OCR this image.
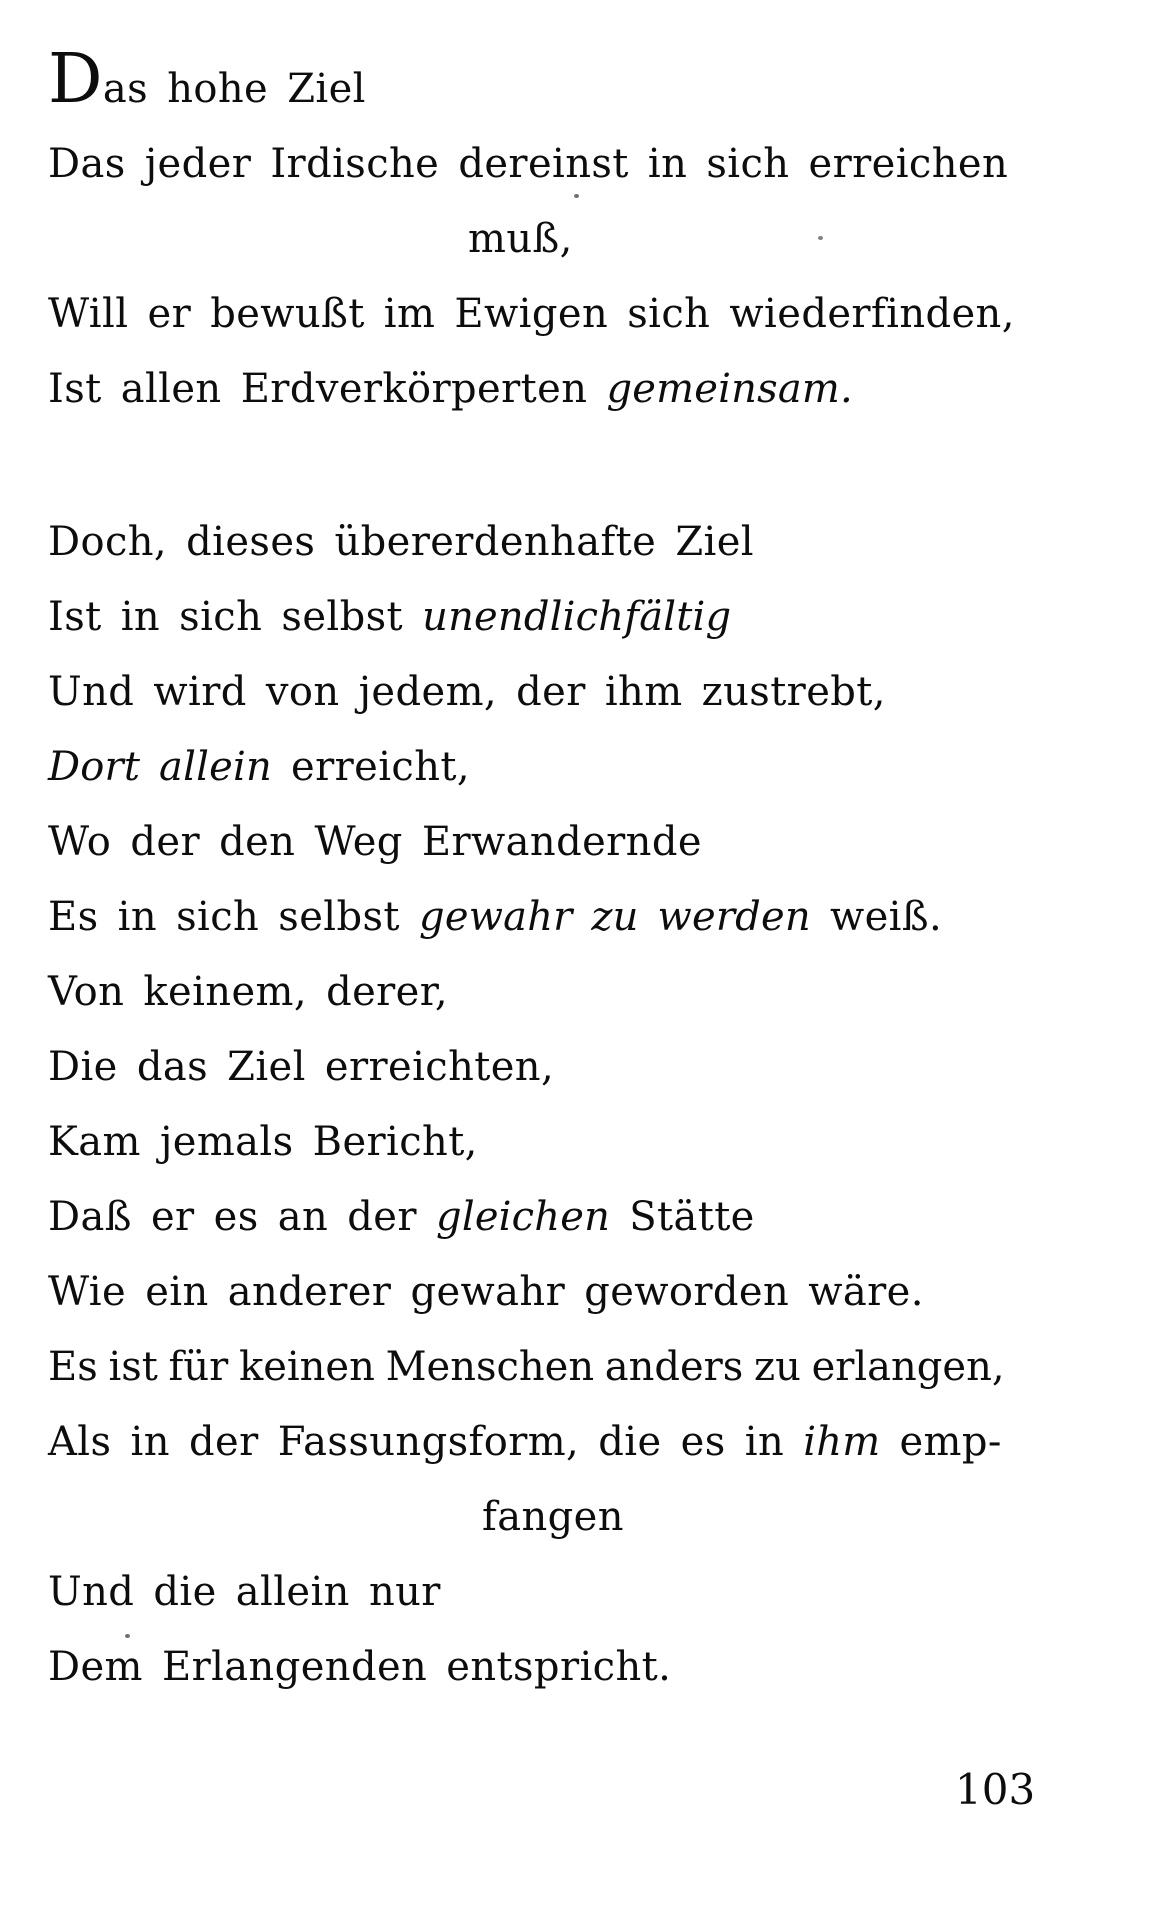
Das hohe Ziel
Das jeder Irdische dereinst in sich erreichen
muß,
Will er bewußt im Ewigen sich wiederfinden,
Ist allen Erdverkörperten gemeinsam.
Doch, dieses übererdenhafte Ziel
Ist in sich selbst unendlichfältig
Und wird von jedem, der ihm zustrebt,
Dort allein erreicht,
Wo der den Weg Erwandernde
Es in sich selbst gewahr zu werden weiß.
Von keinem, derer,
Die das Ziel erreichten,
Kam jemals Bericht,
Daß er es an der gleichen Stätte
Wie ein anderer gewahr geworden wäre.
Es ist für keinen Menschen anders zu erlangen,
Als in der Fassungsform, die es in ihm emp-
fangen
Und die allein nur
Dem Erlangenden entspricht.
103
